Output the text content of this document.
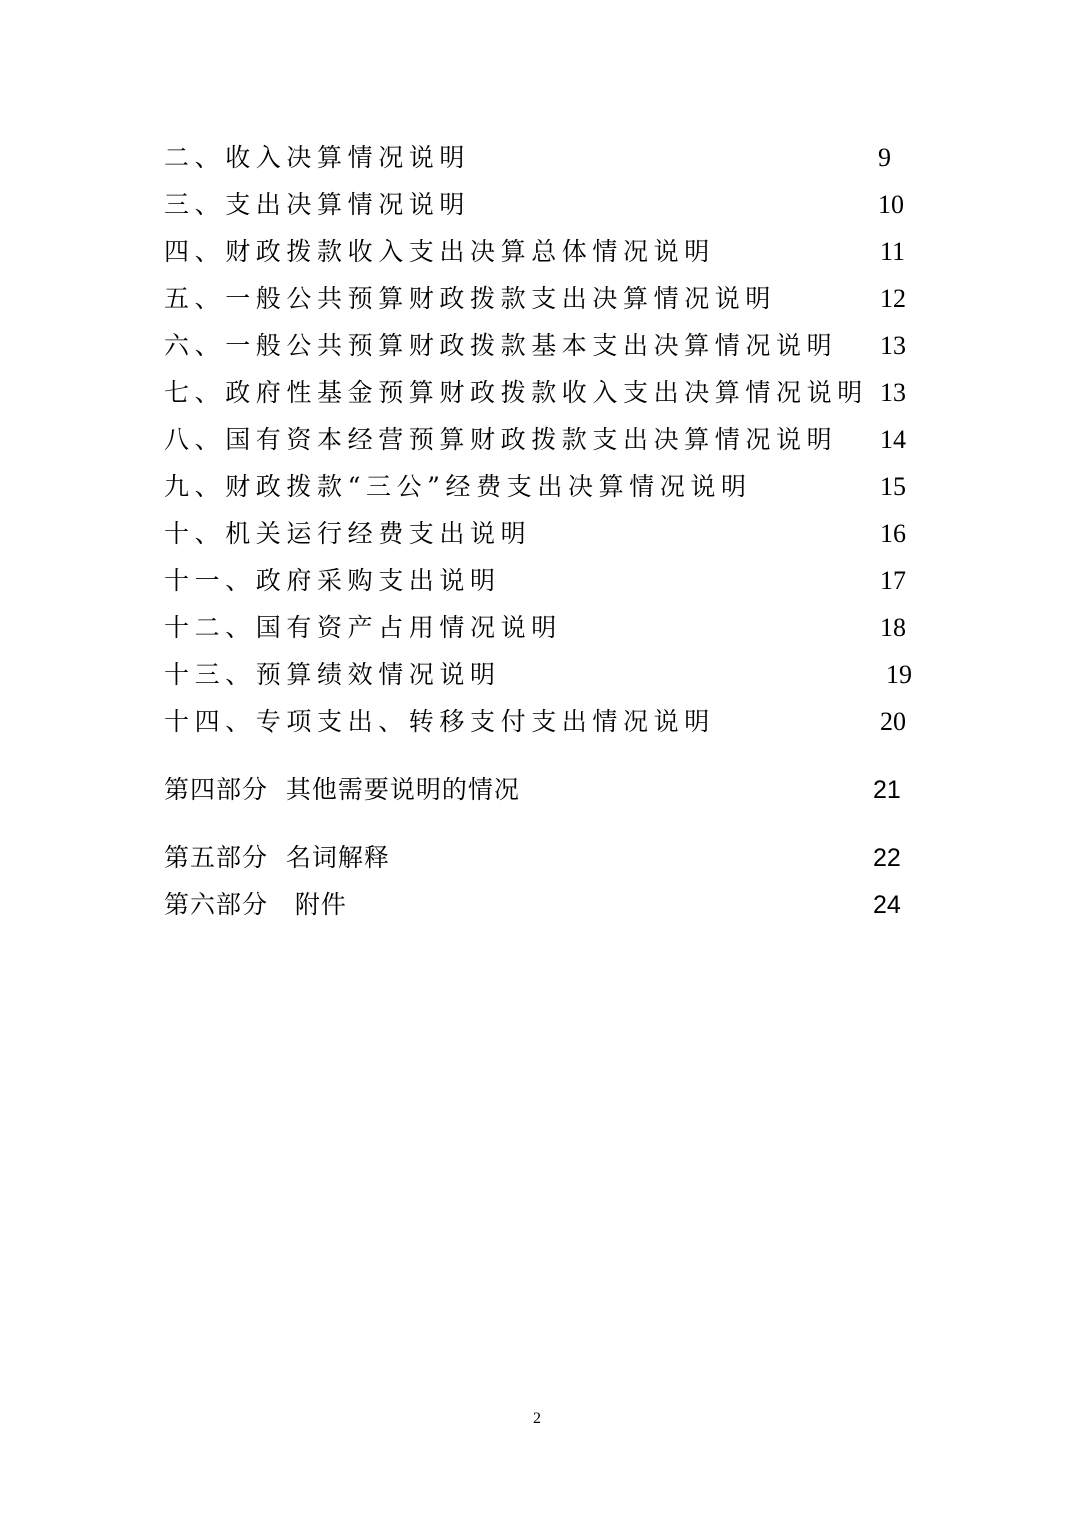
二、收入决算情况说明	9
三、支出决算情况说明	10
四、财政拨款收入支出决算总体情况说明	11
五、一般公共预算财政拨款支出决算情况说明	12
六、一般公共预算财政拨款基本支出决算情况说明 13
七、政府性基金预算财政拨款收入支出决算情况说明 13
八、国有资本经营预算财政拨款支出决算情况说明 14
九、财政拨款“三公”经费支出决算情况说明	15
十、机关运行经费支出说明	16
十一、政府采购支出说明	17
十二、国有资产占用情况说明	18
十三、预算绩效情况说明	19
十四、专项支出、转移支付支出情况说明	20
第四部分  其他需要说明的情况	21
第五部分  名词解释	22
第六部分   附件	24
2
